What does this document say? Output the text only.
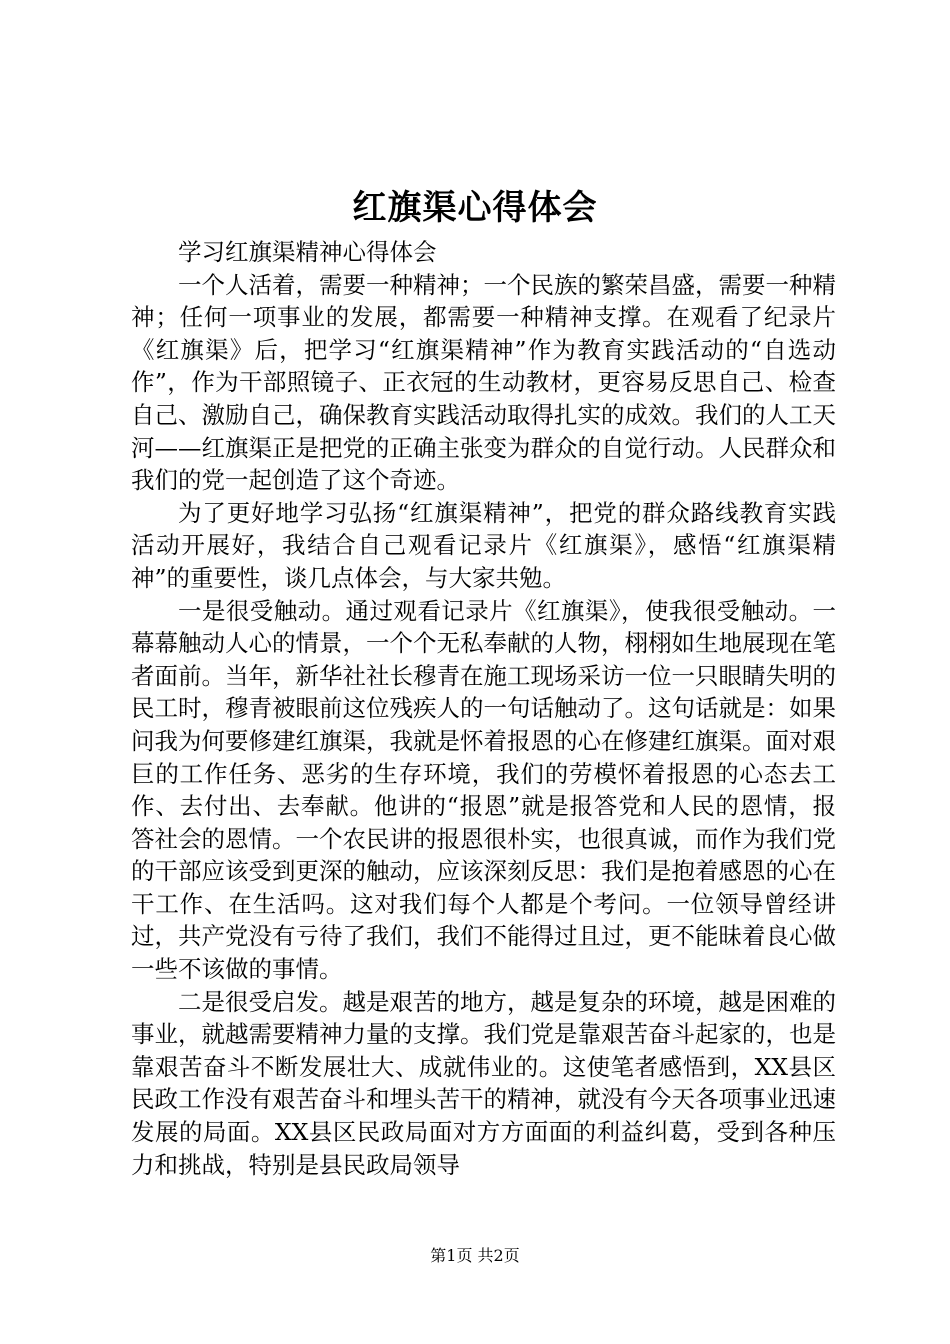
红旗渠心得体会

学习红旗渠精神心得体会

一个人活着，需要一种精神；一个民族的繁荣昌盛，需要一种精神；任何一项事业的发展，都需要一种精神支撑。在观看了纪录片《红旗渠》后，把学习“红旗渠精神”作为教育实践活动的“自选动作”，作为干部照镜子、正衣冠的生动教材，更容易反思自己、检查自己、激励自己，确保教育实践活动取得扎实的成效。我们的人工天河——红旗渠正是把党的正确主张变为群众的自觉行动。人民群众和我们的党一起创造了这个奇迹。

为了更好地学习弘扬“红旗渠精神”，把党的群众路线教育实践活动开展好，我结合自己观看记录片《红旗渠》，感悟“红旗渠精神”的重要性，谈几点体会，与大家共勉。

一是很受触动。通过观看记录片《红旗渠》，使我很受触动。一幕幕触动人心的情景，一个个无私奉献的人物，栩栩如生地展现在笔者面前。当年，新华社社长穆青在施工现场采访一位一只眼睛失明的民工时，穆青被眼前这位残疾人的一句话触动了。这句话就是：如果问我为何要修建红旗渠，我就是怀着报恩的心在修建红旗渠。面对艰巨的工作任务、恶劣的生存环境，我们的劳模怀着报恩的心态去工作、去付出、去奉献。他讲的“报恩”就是报答党和人民的恩情，报答社会的恩情。一个农民讲的报恩很朴实，也很真诚，而作为我们党的干部应该受到更深的触动，应该深刻反思：我们是抱着感恩的心在干工作、在生活吗。这对我们每个人都是个考问。一位领导曾经讲过，共产党没有亏待了我们，我们不能得过且过，更不能昧着良心做一些不该做的事情。

二是很受启发。越是艰苦的地方，越是复杂的环境，越是困难的事业，就越需要精神力量的支撑。我们党是靠艰苦奋斗起家的，也是靠艰苦奋斗不断发展壮大、成就伟业的。这使笔者感悟到，XX县区民政工作没有艰苦奋斗和埋头苦干的精神，就没有今天各项事业迅速发展的局面。XX县区民政局面对方方面面的利益纠葛，受到各种压力和挑战，特别是县民政局领导

第1页 共2页
